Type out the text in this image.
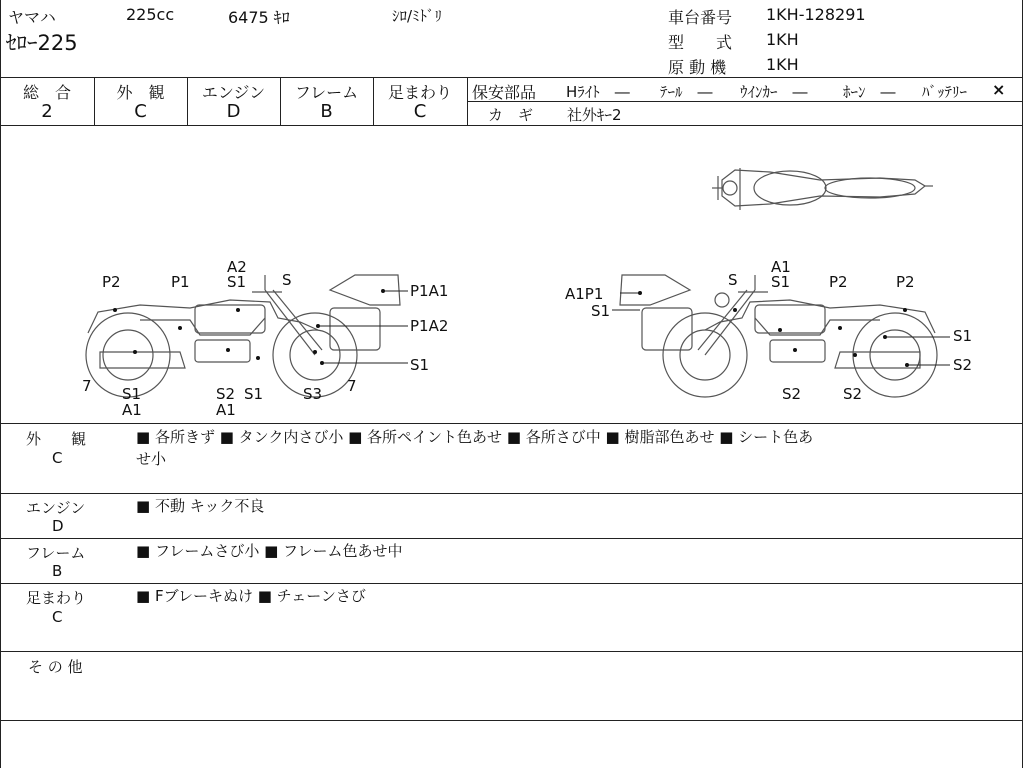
ヤマハ	225cc	6475 ｷﾛ	ｼﾛ/ﾐﾄﾞﾘ
ｾﾛｰ225
車台番号 1KH-128291
型　　式 1KH
原 動 機 1KH
総　合
2
外　観
C
エンジン
D
フレーム
B
足まわり
C
保安部品 Hﾗｲﾄ　― ﾃｰﾙ　― ｳｲﾝｶｰ　― ﾎｰﾝ　― ﾊﾞｯﾃﾘｰ ×
カ　ギ 社外ｷｰ2
P2	P1
A2
S1 S
P1A1
P1A2
S1
7 S1
A1
S2
A1
S1	S3 7
A1P1
S1
S
A1
S1	P2	P2
S1
S2
S2	S2
外　　観
C
■ 各所きず ■ タンク内さび小 ■ 各所ペイント色あせ ■ 各所さび中 ■ 樹脂部色あせ ■ シート色あ
せ小
エンジン
D
■ 不動 キック不良
フレーム
B
■ フレームさび小 ■ フレーム色あせ中
足まわり
C
■ Fブレーキぬけ ■ チェーンさび
そ の 他
